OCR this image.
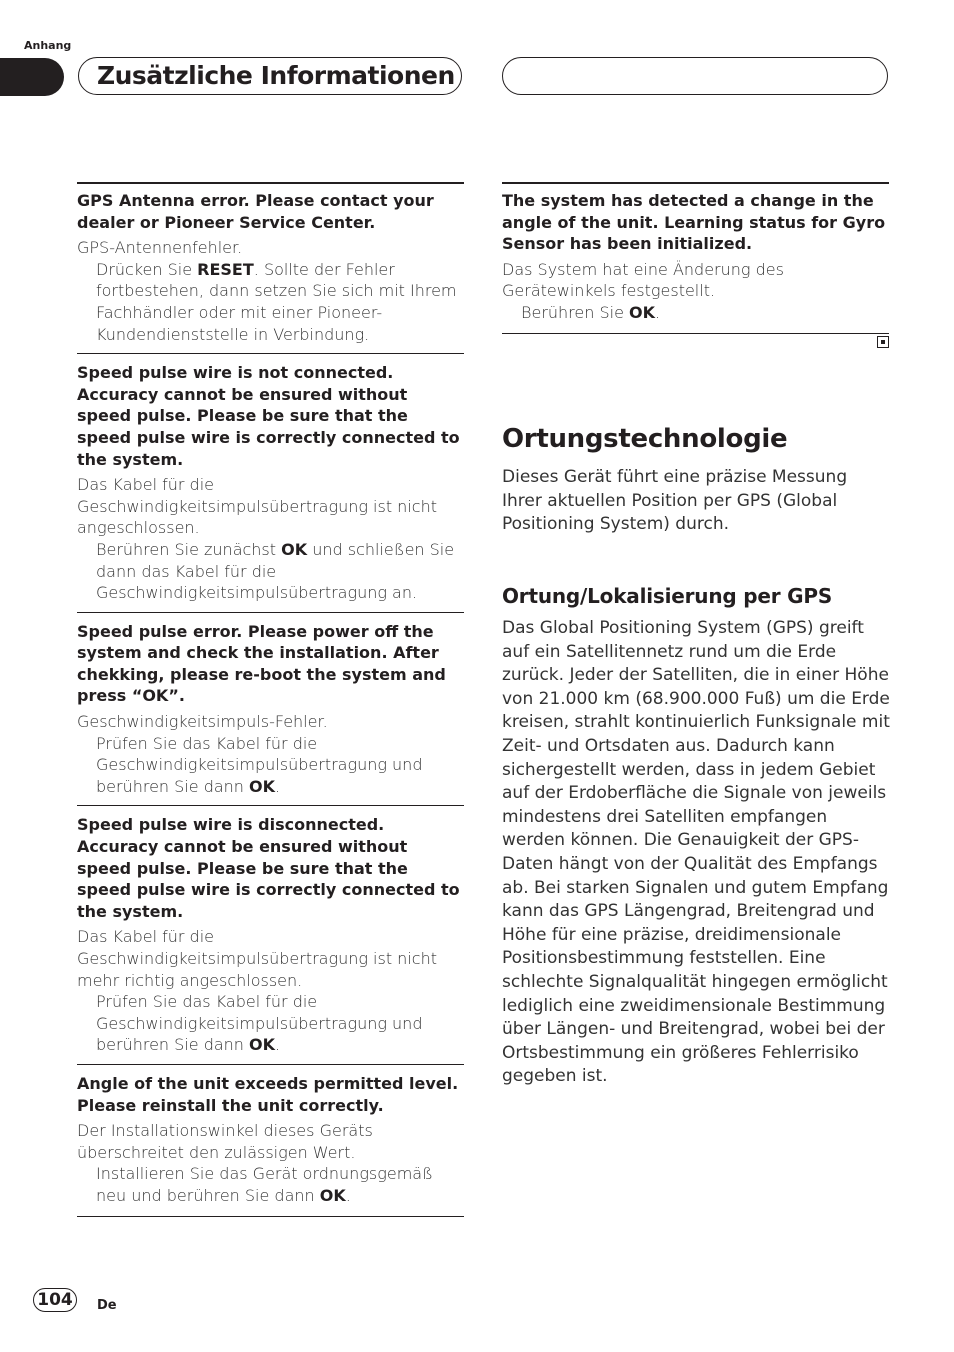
Anhang
Zusätzliche Informationen
GPS Antenna error. Please contact your dealer or Pioneer Service Center.
GPS-Antennenfehler.
Drücken Sie RESET. Sollte der Fehler fortbestehen, dann setzen Sie sich mit Ihrem Fachhändler oder mit einer Pioneer-Kundendienststelle in Verbindung.
Speed pulse wire is not connected. Accuracy cannot be ensured without speed pulse. Please be sure that the speed pulse wire is correctly connected to the system.
Das Kabel für die Geschwindigkeitsimpulsübertragung ist nicht angeschlossen.
Berühren Sie zunächst OK und schließen Sie dann das Kabel für die Geschwindigkeitsimpulsübertragung an.
Speed pulse error. Please power off the system and check the installation. After chekking, please re-boot the system and press “OK”.
Geschwindigkeitsimpuls-Fehler.
Prüfen Sie das Kabel für die Geschwindigkeitsimpulsübertragung und berühren Sie dann OK.
Speed pulse wire is disconnected. Accuracy cannot be ensured without speed pulse. Please be sure that the speed pulse wire is correctly connected to the system.
Das Kabel für die Geschwindigkeitsimpulsübertragung ist nicht mehr richtig angeschlossen.
Prüfen Sie das Kabel für die Geschwindigkeitsimpulsübertragung und berühren Sie dann OK.
Angle of the unit exceeds permitted level. Please reinstall the unit correctly.
Der Installationswinkel dieses Geräts überschreitet den zulässigen Wert.
Installieren Sie das Gerät ordnungsgemäß neu und berühren Sie dann OK.
The system has detected a change in the angle of the unit. Learning status for Gyro Sensor has been initialized.
Das System hat eine Änderung des Gerätewinkels festgestellt.
Berühren Sie OK.
Ortungstechnologie
Dieses Gerät führt eine präzise Messung Ihrer aktuellen Position per GPS (Global Positioning System) durch.
Ortung/Lokalisierung per GPS
Das Global Positioning System (GPS) greift auf ein Satellitennetz rund um die Erde zurück. Jeder der Satelliten, die in einer Höhe von 21.000 km (68.900.000 Fuß) um die Erde kreisen, strahlt kontinuierlich Funksignale mit Zeit- und Ortsdaten aus. Dadurch kann sichergestellt werden, dass in jedem Gebiet auf der Erdoberfläche die Signale von jeweils mindestens drei Satelliten empfangen werden können. Die Genauigkeit der GPS-Daten hängt von der Qualität des Empfangs ab. Bei starken Signalen und gutem Empfang kann das GPS Längengrad, Breitengrad und Höhe für eine präzise, dreidimensionale Positionsbestimmung feststellen. Eine schlechte Signalqualität hingegen ermöglicht lediglich eine zweidimensionale Bestimmung über Längen- und Breitengrad, wobei bei der Ortsbestimmung ein größeres Fehlerrisiko gegeben ist.
104	De
